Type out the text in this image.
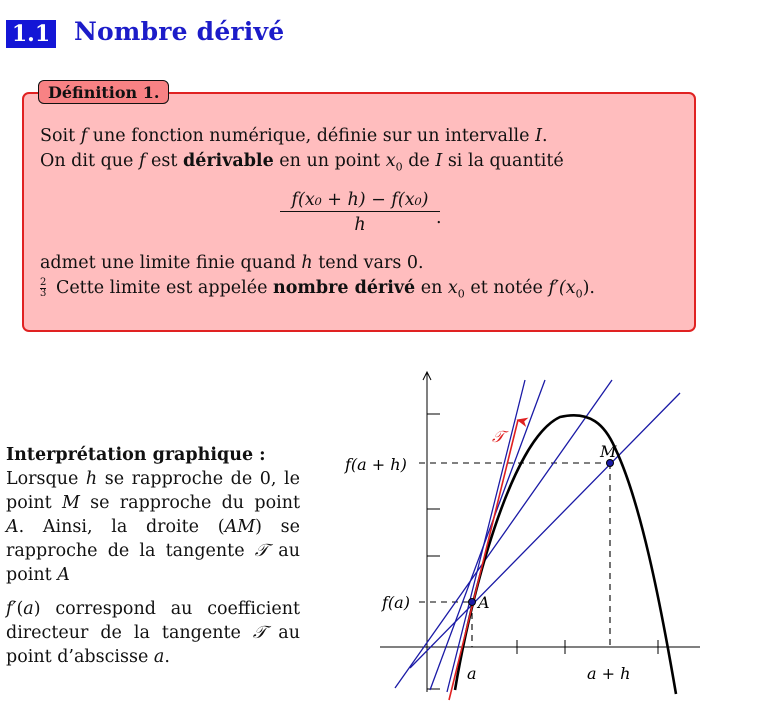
1.1 Nombre dérivé
Définition 1.
Soit f une fonction numérique, définie sur un intervalle I.
On dit que f est dérivable en un point $x_0$ de I si la quantité
$\frac{\text{f(x₀ + h) − f(x₀)}}{h}$
.
admet une limite finie quand h tend vars 0.
$\frac{2}{3}$ Cette limite est appelée nombre dérivé en $x_0$ et notée $f'(x_0)$.

Interprétation graphique :
Lorsque h se rapproche de 0, le point M se rapproche du point A. Ainsi, la droite (AM) se rapproche de la tangente 𝒯 au point A

f′(a) correspond au coefficient directeur de la tangente 𝒯 au point d’abscisse a.

f(a + h)
f(a)
a	a + h
A
M
𝒯
